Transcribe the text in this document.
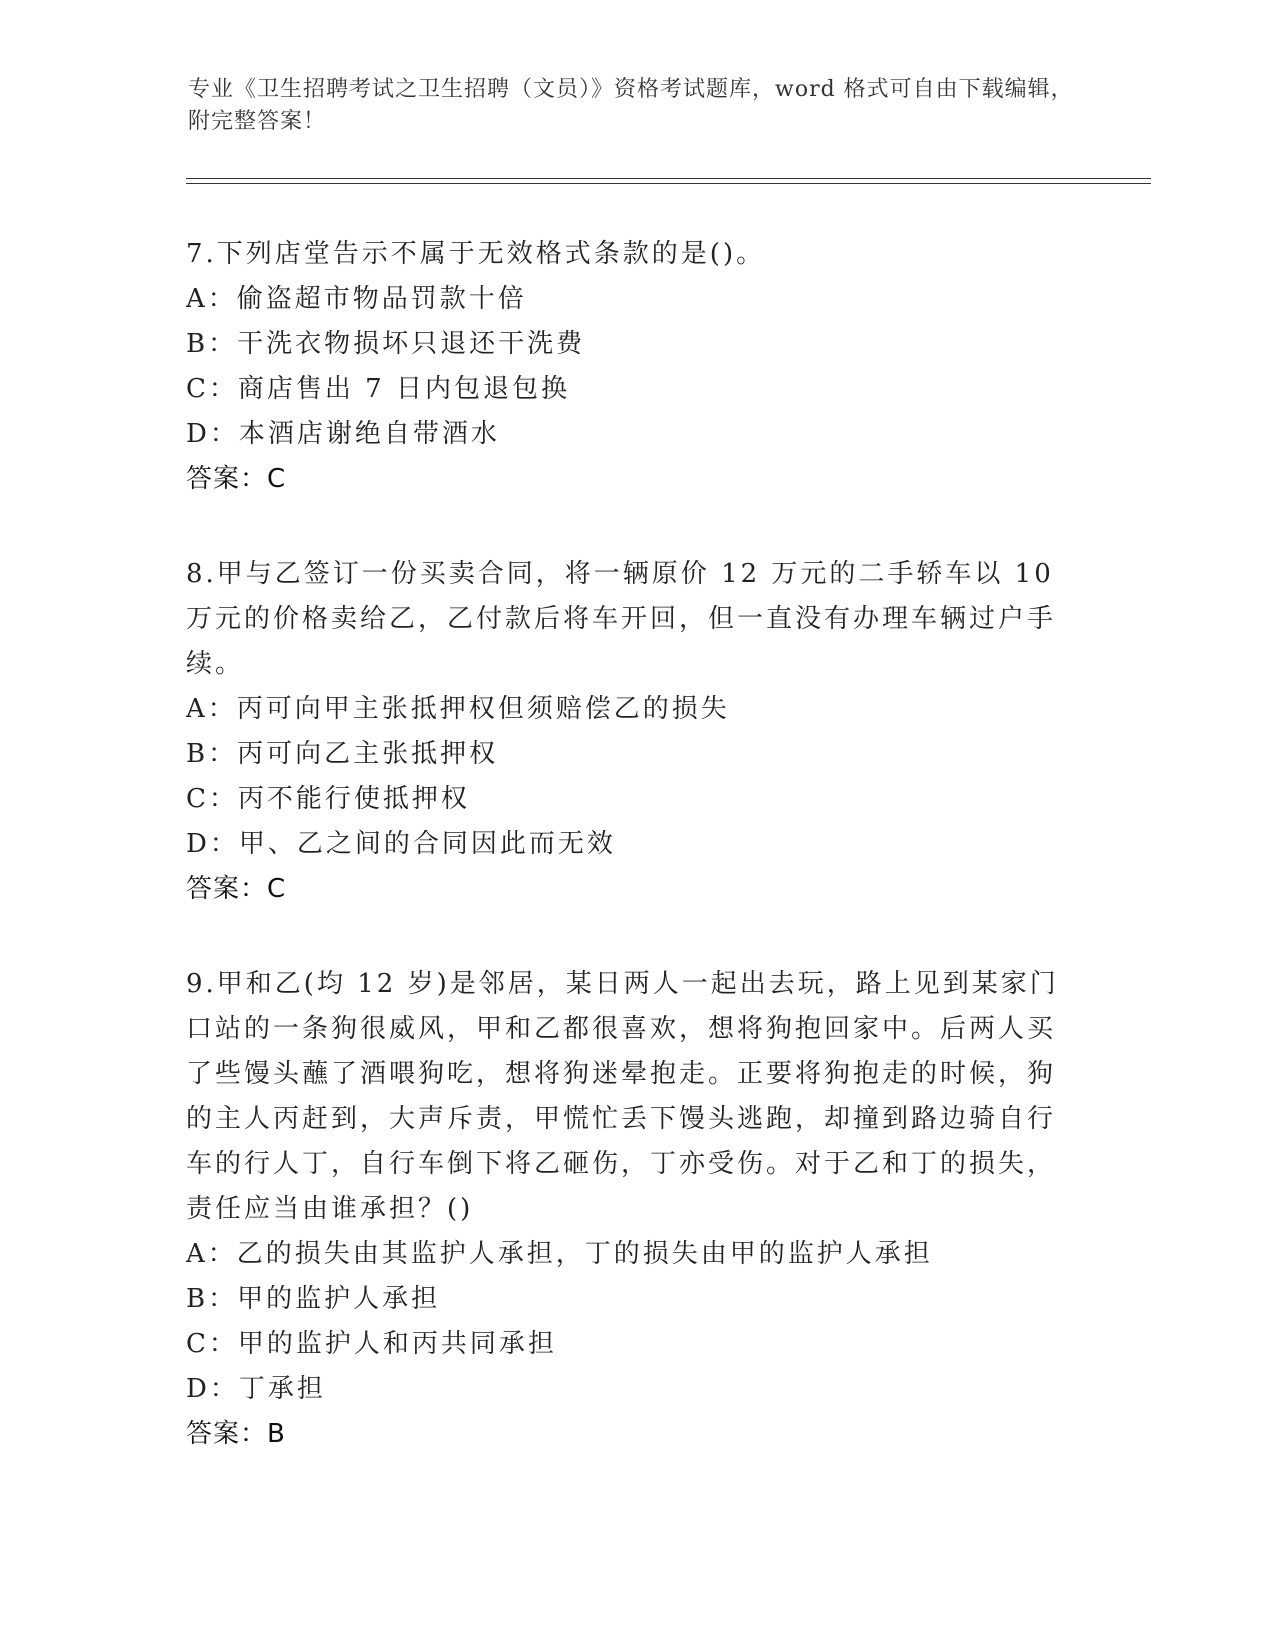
专业《卫生招聘考试之卫生招聘（文员）》资格考试题库，word 格式可自由下载编辑，附完整答案！

7.下列店堂告示不属于无效格式条款的是()。

A：偷盗超市物品罚款十倍

B：干洗衣物损坏只退还干洗费

C：商店售出 7 日内包退包换

D：本酒店谢绝自带酒水

答案：C

8.甲与乙签订一份买卖合同，将一辆原价 12 万元的二手轿车以 10 万元的价格卖给乙，乙付款后将车开回，但一直没有办理车辆过户手续。

A：丙可向甲主张抵押权但须赔偿乙的损失

B：丙可向乙主张抵押权

C：丙不能行使抵押权

D：甲、乙之间的合同因此而无效

答案：C

9.甲和乙(均 12 岁)是邻居，某日两人一起出去玩，路上见到某家门口站的一条狗很威风，甲和乙都很喜欢，想将狗抱回家中。后两人买了些馒头蘸了酒喂狗吃，想将狗迷晕抱走。正要将狗抱走的时候，狗的主人丙赶到，大声斥责，甲慌忙丢下馒头逃跑，却撞到路边骑自行车的行人丁，自行车倒下将乙砸伤，丁亦受伤。对于乙和丁的损失，责任应当由谁承担？()

A：乙的损失由其监护人承担，丁的损失由甲的监护人承担

B：甲的监护人承担

C：甲的监护人和丙共同承担

D：丁承担

答案：B
